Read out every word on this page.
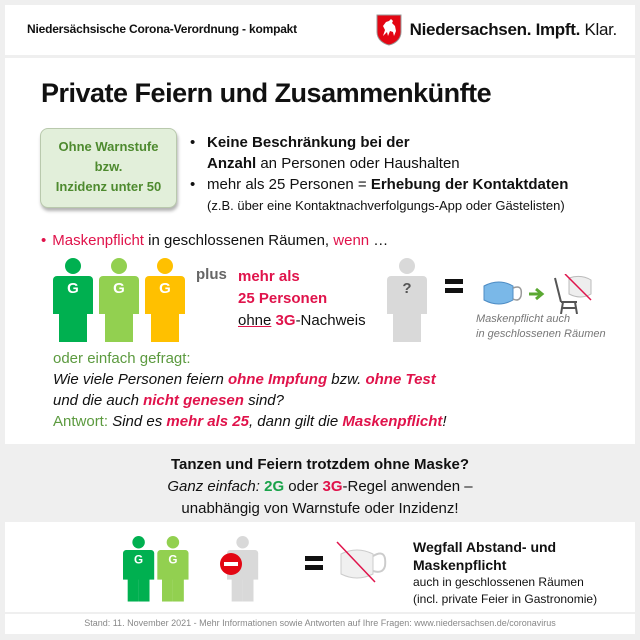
Niedersächsische Corona-Verordnung - kompakt	Niedersachsen. Impft. Klar.
Private Feiern und Zusammenkünfte
Ohne Warnstufe
bzw.
Inzidenz unter 50
• Keine Beschränkung bei der
Anzahl an Personen oder Haushalten
• mehr als 25 Personen = Erhebung der Kontaktdaten
(z.B. über eine Kontaktnachverfolgungs-App oder Gästelisten)
• Maskenpflicht in geschlossenen Räumen, wenn …
G	G	G
plus mehr als
25 Personen
ohne 3G-Nachweis
?
Maskenpflicht auch
in geschlossenen Räumen
oder einfach gefragt:
Wie viele Personen feiern ohne Impfung bzw. ohne Test
und die auch nicht genesen sind?
Antwort: Sind es mehr als 25, dann gilt die Maskenpflicht!
Tanzen und Feiern trotzdem ohne Maske?
Ganz einfach: 2G oder 3G-Regel anwenden –
unabhängig von Warnstufe oder Inzidenz!
G	G
Wegfall Abstand- und
Maskenpflicht
auch in geschlossenen Räumen
(incl. private Feier in Gastronomie)
Stand: 11. November 2021 - Mehr Informationen sowie Antworten auf Ihre Fragen: www.niedersachsen.de/coronavirus
